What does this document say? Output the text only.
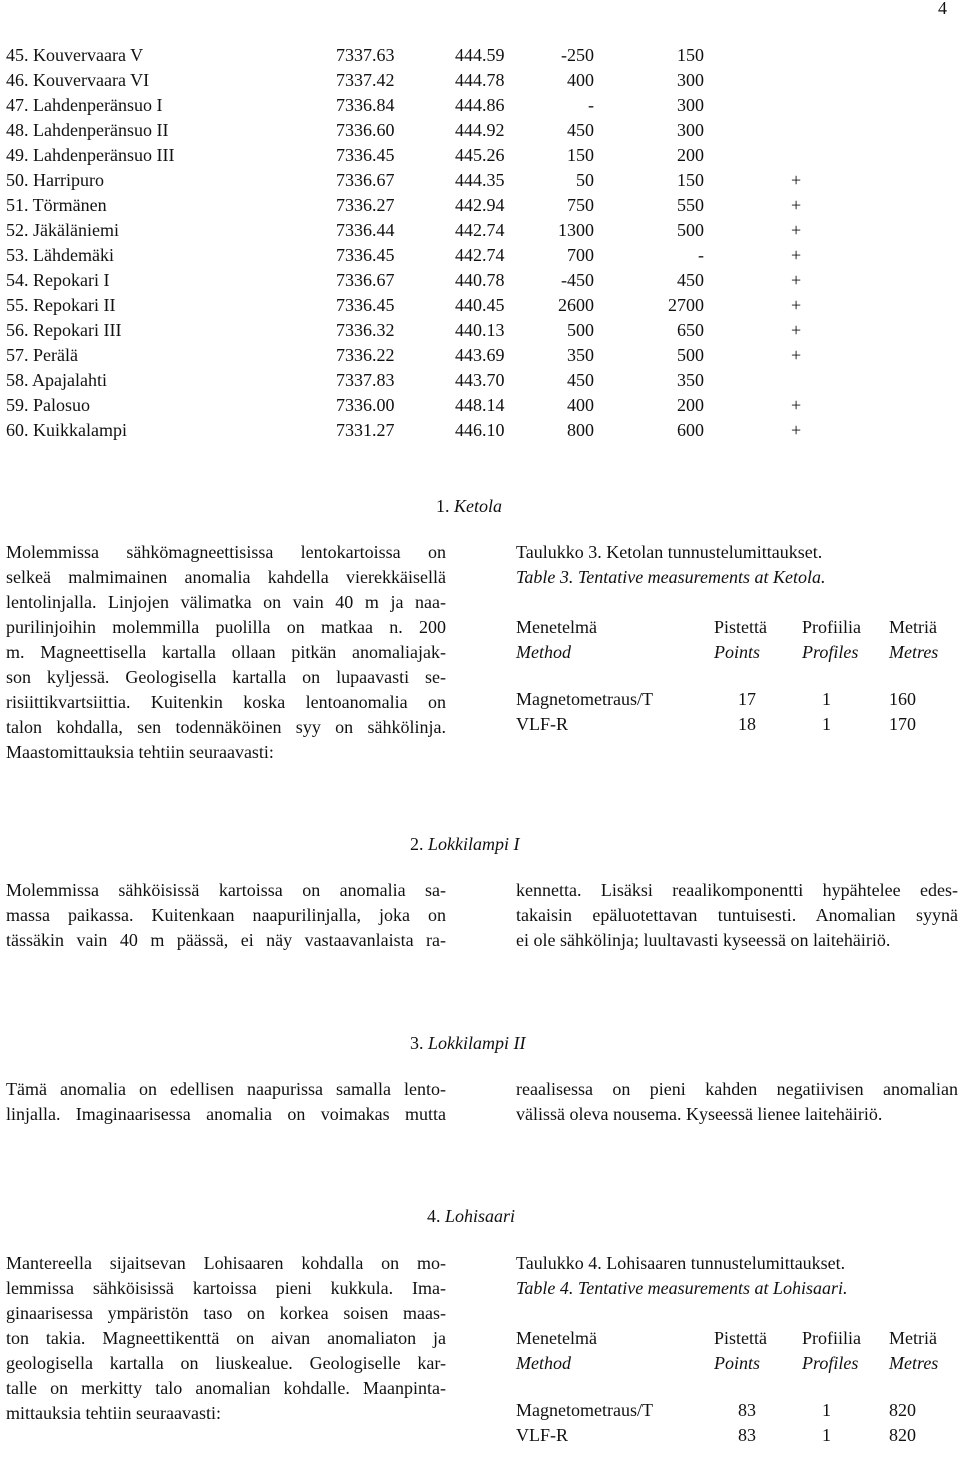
4
45. Kouvervaara V	7337.63	444.59	-250	150
46. Kouvervaara VI	7337.42	444.78	400	300
47. Lahdenperänsuo I	7336.84	444.86	-	300
48. Lahdenperänsuo II	7336.60	444.92	450	300
49. Lahdenperänsuo III	7336.45	445.26	150	200
50. Harripuro	7336.67	444.35	50	150	+
51. Törmänen	7336.27	442.94	750	550	+
52. Jäkäläniemi	7336.44	442.74	1300	500	+
53. Lähdemäki	7336.45	442.74	700	-	+
54. Repokari I	7336.67	440.78	-450	450	+
55. Repokari II	7336.45	440.45	2600	2700	+
56. Repokari III	7336.32	440.13	500	650	+
57. Perälä	7336.22	443.69	350	500	+
58. Apajalahti	7337.83	443.70	450	350
59. Palosuo	7336.00	448.14	400	200	+
60. Kuikkalampi	7331.27	446.10	800	600	+
1. Ketola
Molemmissa sähkömagneettisissa lentokartoissa on
selkeä malmimainen anomalia kahdella vierekkäisellä
lentolinjalla. Linjojen välimatka on vain 40 m ja naa-
purilinjoihin molemmilla puolilla on matkaa n. 200
m. Magneettisella kartalla ollaan pitkän anomaliajak-
son kyljessä. Geologisella kartalla on lupaavasti se-
risiittikvartsiittia. Kuitenkin koska lentoanomalia on
talon kohdalla, sen todennäköinen syy on sähkölinja.
Maastomittauksia tehtiin seuraavasti:
Taulukko 3. Ketolan tunnustelumittaukset.
Table 3. Tentative measurements at Ketola.
Menetelmä	Pistettä Profiilia Metriä
Method	Points Profiles Metres
Magnetometraus/T	17	1	160
VLF-R	18	1	170
2. Lokkilampi I
Molemmissa sähköisissä kartoissa on anomalia sa-
massa paikassa. Kuitenkaan naapurilinjalla, joka on
tässäkin vain 40 m päässä, ei näy vastaavanlaista ra-
kennetta. Lisäksi reaalikomponentti hypähtelee edes-
takaisin epäluotettavan tuntuisesti. Anomalian syynä
ei ole sähkölinja; luultavasti kyseessä on laitehäiriö.
3. Lokkilampi II
Tämä anomalia on edellisen naapurissa samalla lento-
linjalla. Imaginaarisessa anomalia on voimakas mutta
reaalisessa on pieni kahden negatiivisen anomalian
välissä oleva nousema. Kyseessä lienee laitehäiriö.
4. Lohisaari
Mantereella sijaitsevan Lohisaaren kohdalla on mo-
lemmissa sähköisissä kartoissa pieni kukkula. Ima-
ginaarisessa ympäristön taso on korkea soisen maas-
ton takia. Magneettikenttä on aivan anomaliaton ja
geologisella kartalla on liuskealue. Geologiselle kar-
talle on merkitty talo anomalian kohdalle. Maanpinta-
mittauksia tehtiin seuraavasti:
Taulukko 4. Lohisaaren tunnustelumittaukset.
Table 4. Tentative measurements at Lohisaari.
Menetelmä	Pistettä Profiilia Metriä
Method	Points Profiles Metres
Magnetometraus/T	83	1	820
VLF-R	83	1	820
